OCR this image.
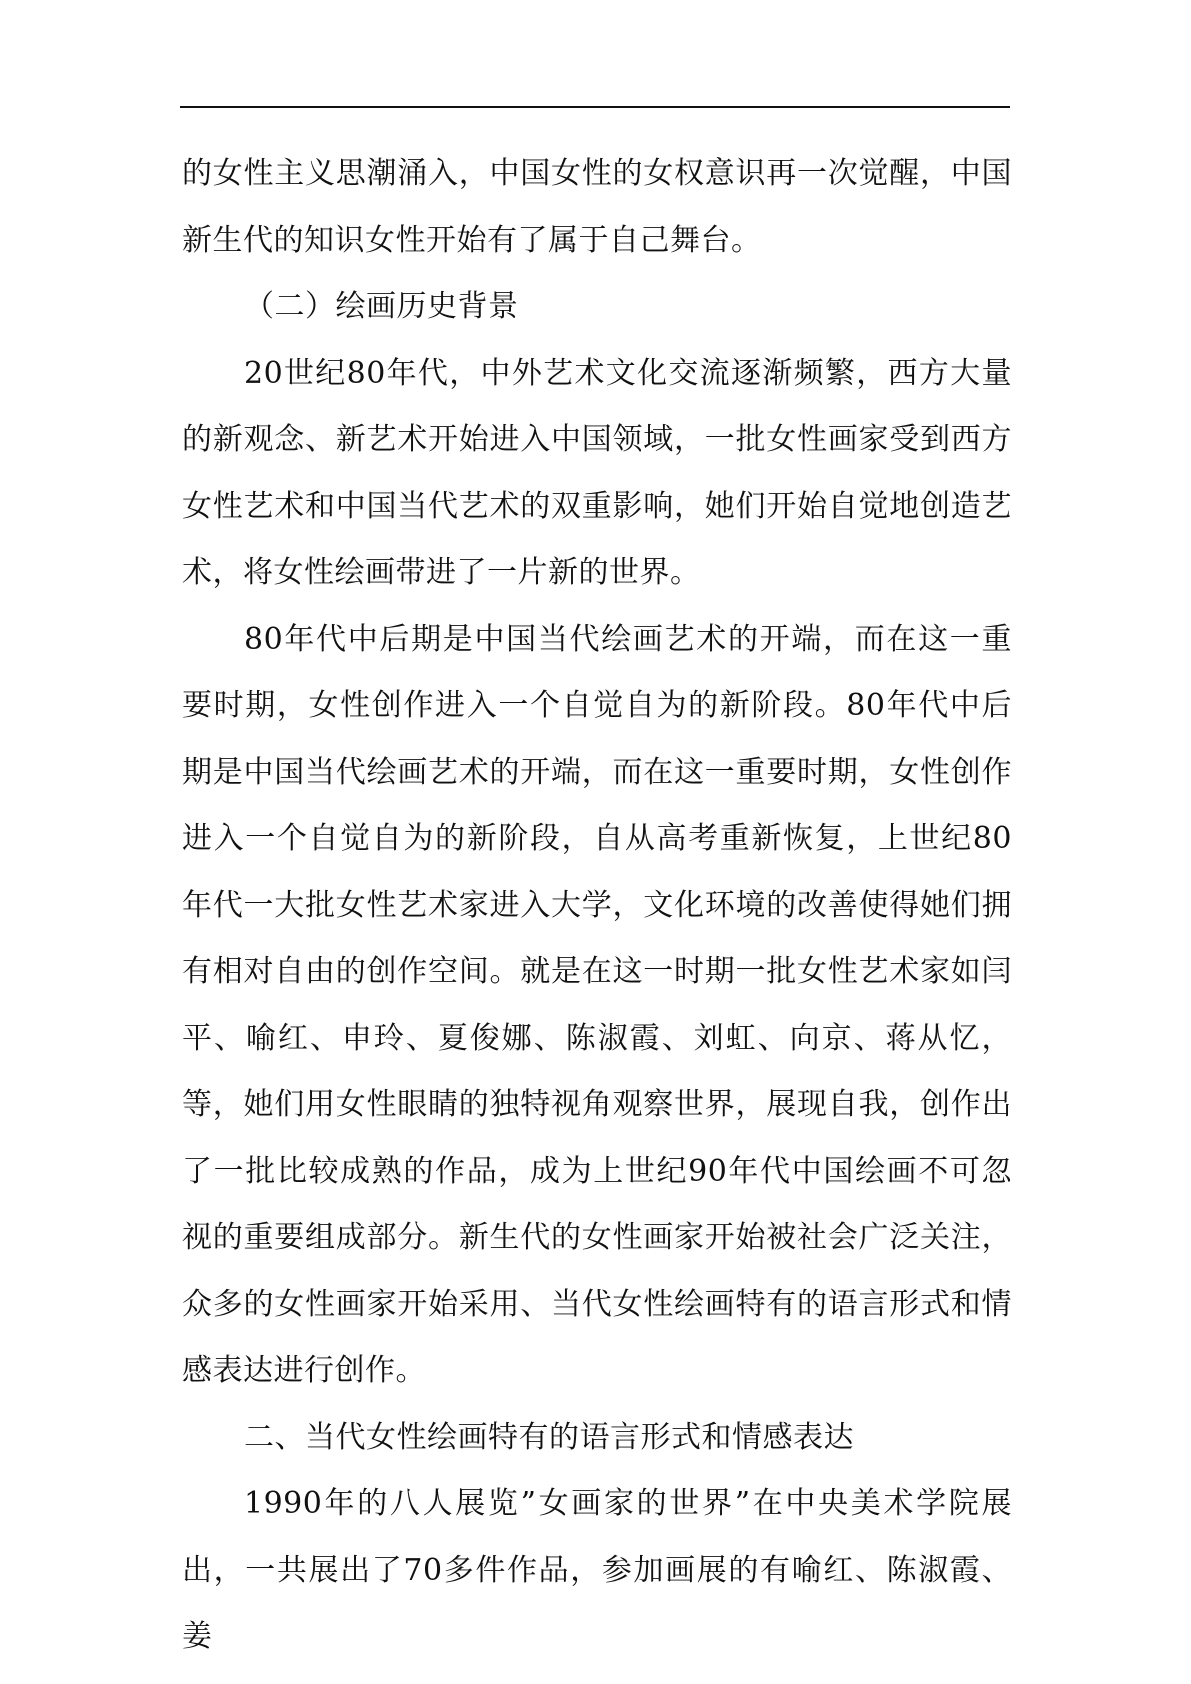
的女性主义思潮涌入，中国女性的女权意识再一次觉醒，中国新生代的知识女性开始有了属于自己舞台。

（二）绘画历史背景

20世纪80年代，中外艺术文化交流逐渐频繁，西方大量的新观念、新艺术开始进入中国领域，一批女性画家受到西方女性艺术和中国当代艺术的双重影响，她们开始自觉地创造艺术，将女性绘画带进了一片新的世界。

80年代中后期是中国当代绘画艺术的开端，而在这一重要时期，女性创作进入一个自觉自为的新阶段。80年代中后期是中国当代绘画艺术的开端，而在这一重要时期，女性创作进入一个自觉自为的新阶段，自从高考重新恢复，上世纪80年代一大批女性艺术家进入大学，文化环境的改善使得她们拥有相对自由的创作空间。就是在这一时期一批女性艺术家如闫平、喻红、申玲、夏俊娜、陈淑霞、刘虹、向京、蒋从忆，等，她们用女性眼睛的独特视角观察世界，展现自我，创作出了一批比较成熟的作品，成为上世纪90年代中国绘画不可忽视的重要组成部分。新生代的女性画家开始被社会广泛关注，众多的女性画家开始采用、当代女性绘画特有的语言形式和情感表达进行创作。

二、当代女性绘画特有的语言形式和情感表达

1990年的八人展览”女画家的世界”在中央美术学院展出，一共展出了70多件作品，参加画展的有喻红、陈淑霞、姜
